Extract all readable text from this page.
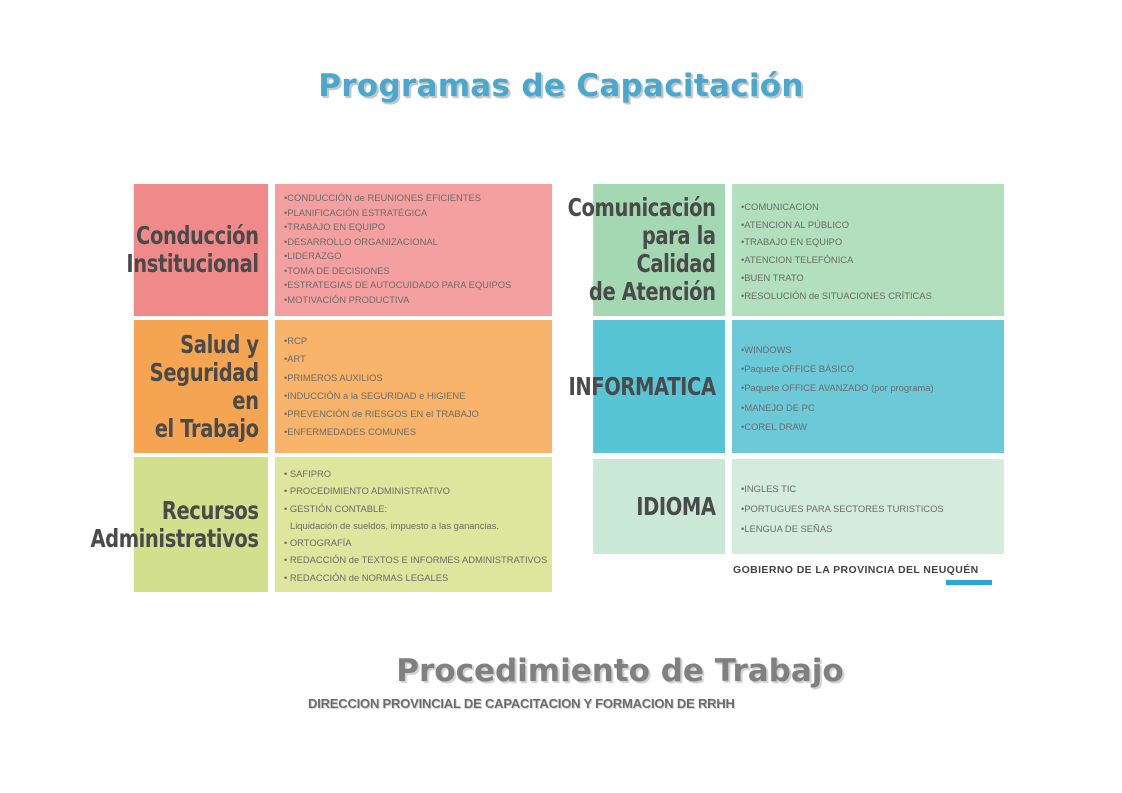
Programas de Capacitación
Conducción
Institucional
•CONDUCCIÓN de REUNIONES EFICIENTES
•PLANIFICACIÓN ESTRATÉGICA
•TRABAJO EN EQUIPO
•DESARROLLO ORGANIZACIONAL
•LIDERAZGO
•TOMA DE DECISIONES
•ESTRATEGIAS DE AUTOCUIDADO PARA EQUIPOS
•MOTIVACIÓN PRODUCTIVA
Salud y
Seguridad en
el Trabajo
•RCP
•ART
•PRIMEROS AUXILIOS
•INDUCCIÓN a la SEGURIDAD e HIGIENE
•PREVENCIÓN de RIESGOS EN el TRABAJO
•ENFERMEDADES COMUNES
Recursos
Administrativos
• SAFIPRO
• PROCEDIMIENTO ADMINISTRATIVO
• GESTIÓN CONTABLE:
Liquidación de sueldos, impuesto a las ganancias.
• ORTOGRAFÍA
• REDACCIÓN de TEXTOS E INFORMES ADMINISTRATIVOS
• REDACCIÓN de NORMAS LEGALES
Comunicación
para la Calidad
de Atención
•COMUNICACION
•ATENCION AL PÚBLICO
•TRABAJO EN EQUIPO
•ATENCION TELEFÓNICA
•BUEN TRATO
•RESOLUCIÓN de SITUACIONES CRÍTICAS
INFORMATICA
•WINDOWS
•Paquete OFFICE BÁSICO
•Paquete OFFICE AVANZADO (por programa)
•MANEJO DE PC
•COREL DRAW
IDIOMA
•INGLES TIC
•PORTUGUES PARA SECTORES TURISTICOS
•LENGUA DE SEÑAS
GOBIERNO DE LA PROVINCIA DEL NEUQUÉN
Procedimiento de Trabajo
DIRECCION PROVINCIAL DE CAPACITACION Y FORMACION DE RRHH
